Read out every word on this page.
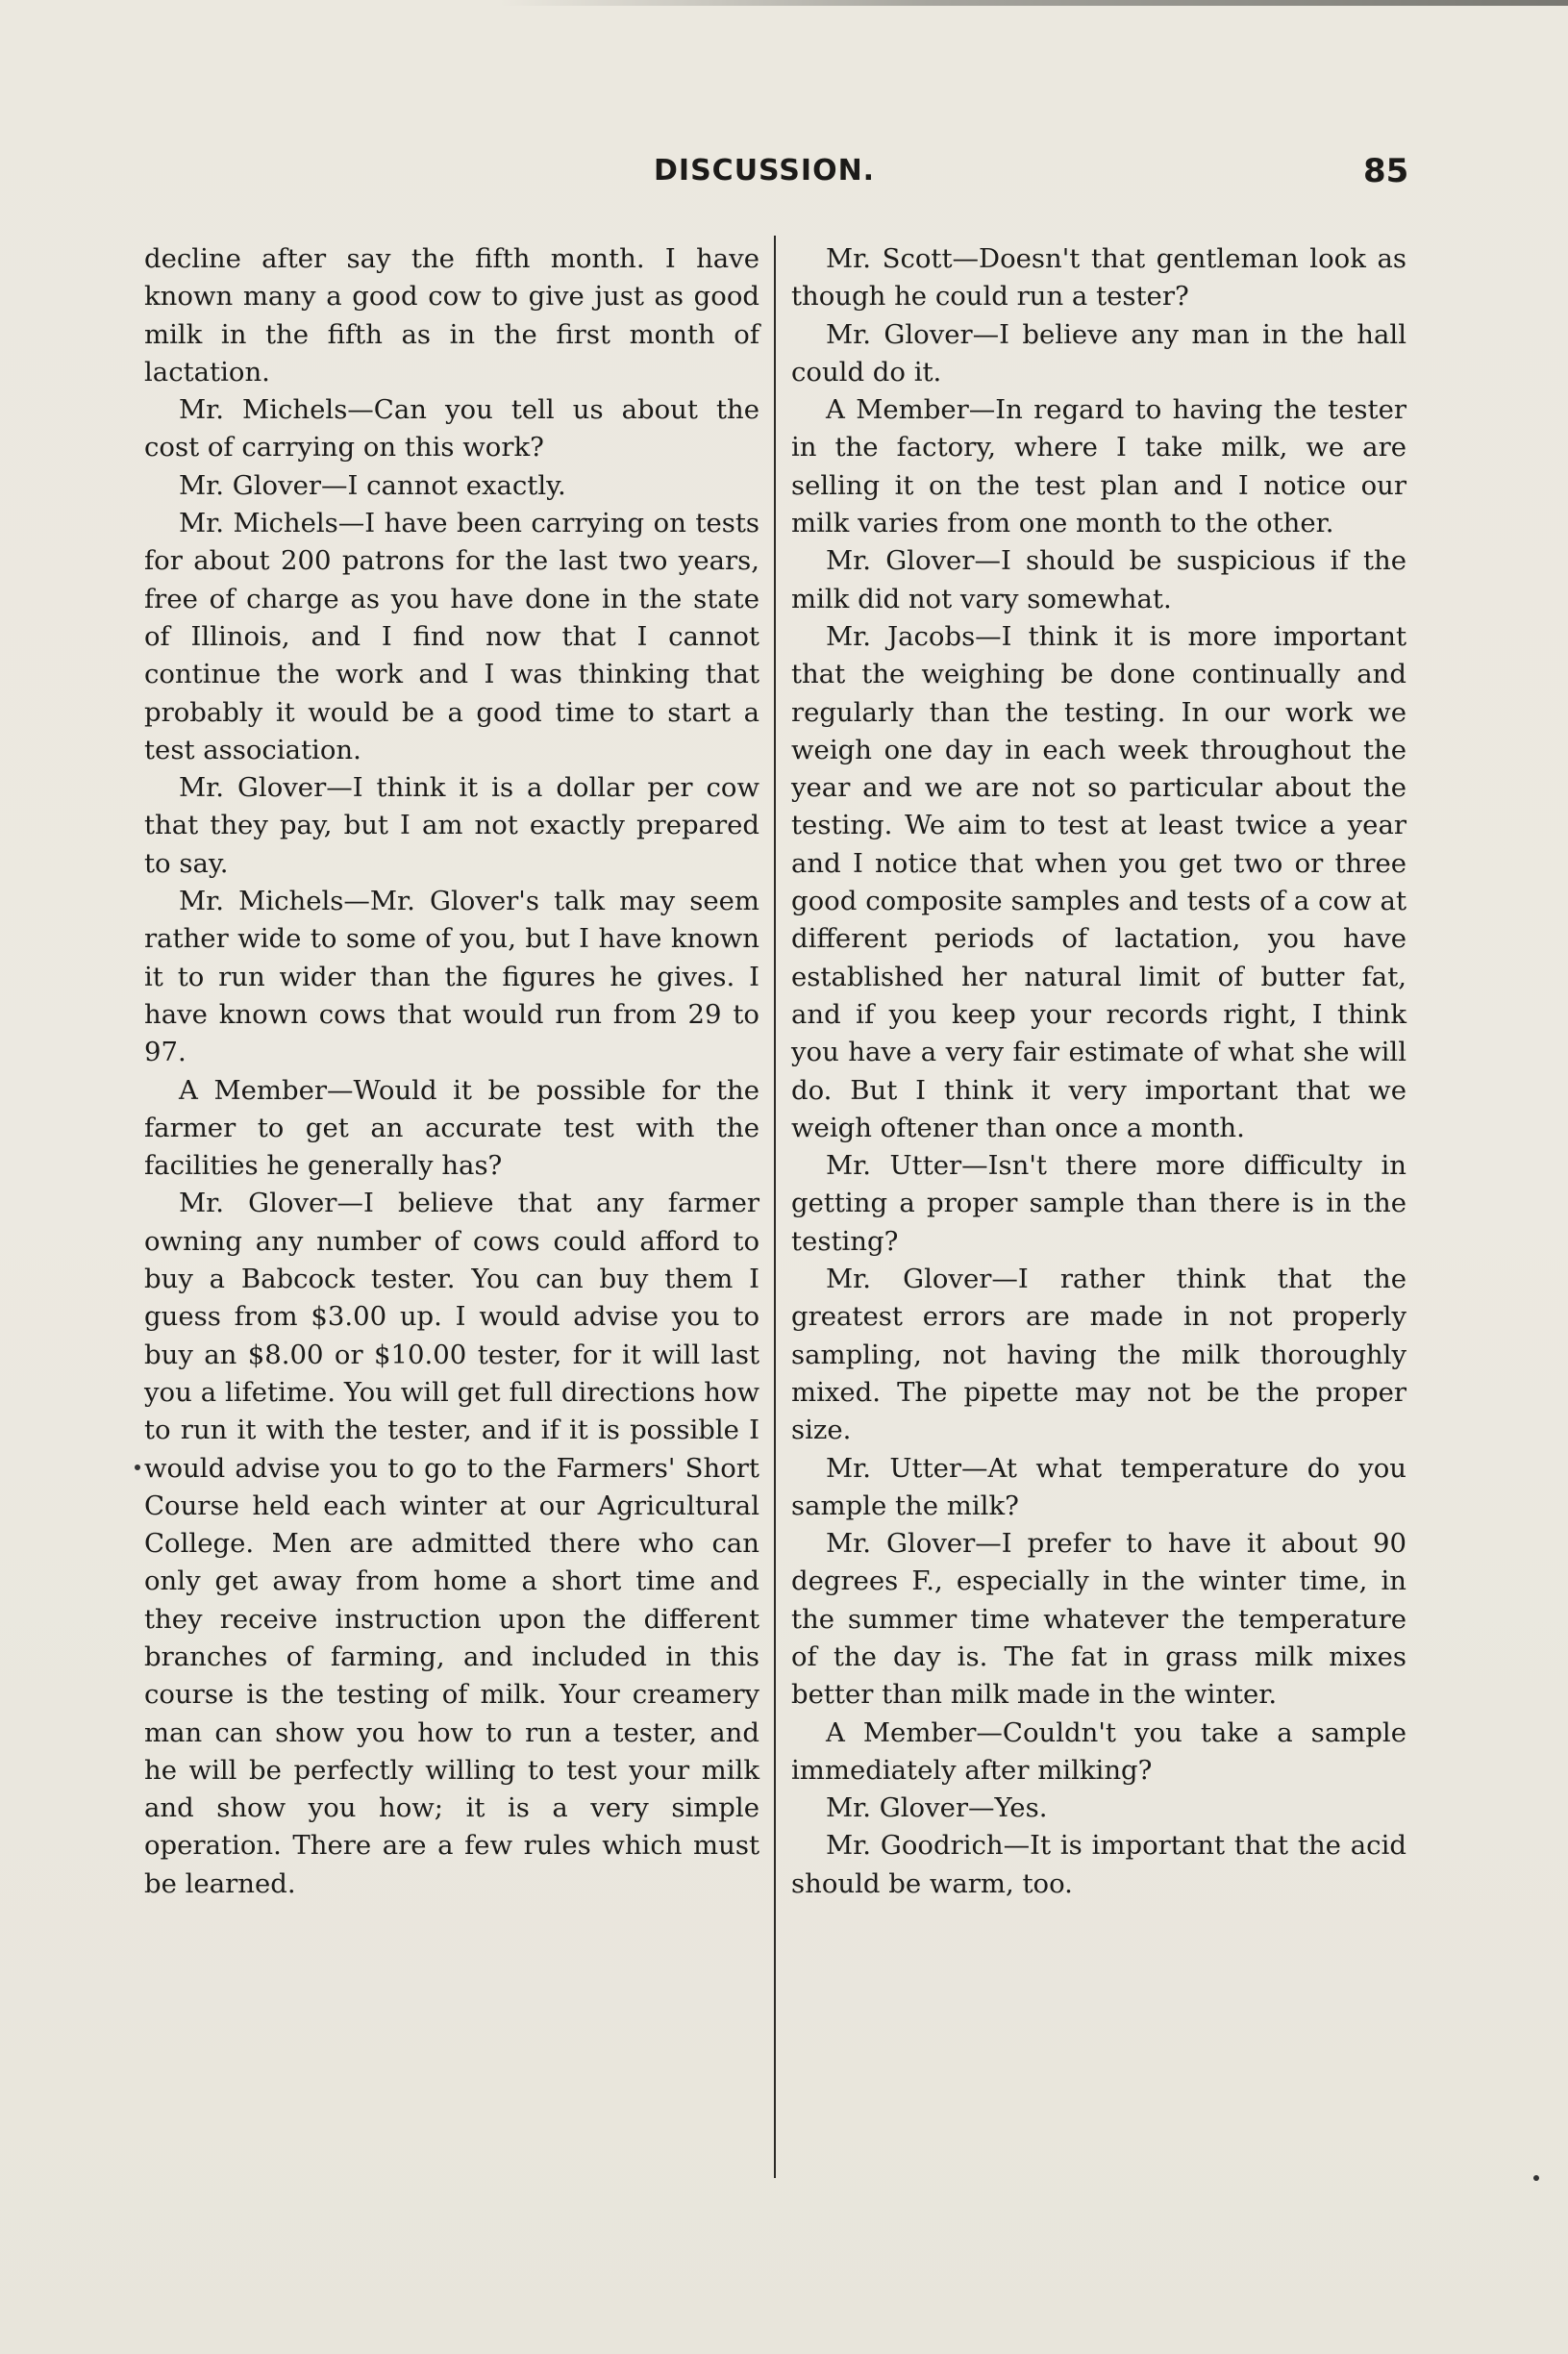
DISCUSSION.	85

decline after say the fifth month. I have known many a good cow to give just as good milk in the fifth as in the first month of lactation.

Mr. Michels—Can you tell us about the cost of carrying on this work?

Mr. Glover—I cannot exactly.

Mr. Michels—I have been carrying on tests for about 200 patrons for the last two years, free of charge as you have done in the state of Illinois, and I find now that I cannot continue the work and I was thinking that probably it would be a good time to start a test association.

Mr. Glover—I think it is a dollar per cow that they pay, but I am not exactly prepared to say.

Mr. Michels—Mr. Glover's talk may seem rather wide to some of you, but I have known it to run wider than the figures he gives. I have known cows that would run from 29 to 97.

A Member—Would it be possible for the farmer to get an accurate test with the facilities he generally has?

Mr. Glover—I believe that any farmer owning any number of cows could afford to buy a Babcock tester. You can buy them I guess from $3.00 up. I would advise you to buy an $8.00 or $10.00 tester, for it will last you a lifetime. You will get full directions how to run it with the tester, and if it is possible I would advise you to go to the Farmers' Short Course held each winter at our Agricultural College. Men are admitted there who can only get away from home a short time and they receive instruction upon the different branches of farming, and included in this course is the testing of milk. Your creamery man can show you how to run a tester, and he will be perfectly willing to test your milk and show you how; it is a very simple operation. There are a few rules which must be learned.

Mr. Scott—Doesn't that gentleman look as though he could run a tester?

Mr. Glover—I believe any man in the hall could do it.

A Member—In regard to having the tester in the factory, where I take milk, we are selling it on the test plan and I notice our milk varies from one month to the other.

Mr. Glover—I should be suspicious if the milk did not vary somewhat.

Mr. Jacobs—I think it is more important that the weighing be done continually and regularly than the testing. In our work we weigh one day in each week throughout the year and we are not so particular about the testing. We aim to test at least twice a year and I notice that when you get two or three good composite samples and tests of a cow at different periods of lactation, you have established her natural limit of butter fat, and if you keep your records right, I think you have a very fair estimate of what she will do. But I think it very important that we weigh oftener than once a month.

Mr. Utter—Isn't there more difficulty in getting a proper sample than there is in the testing?

Mr. Glover—I rather think that the greatest errors are made in not properly sampling, not having the milk thoroughly mixed. The pipette may not be the proper size.

Mr. Utter—At what temperature do you sample the milk?

Mr. Glover—I prefer to have it about 90 degrees F., especially in the winter time, in the summer time whatever the temperature of the day is. The fat in grass milk mixes better than milk made in the winter.

A Member—Couldn't you take a sample immediately after milking?

Mr. Glover—Yes.

Mr. Goodrich—It is important that the acid should be warm, too.
